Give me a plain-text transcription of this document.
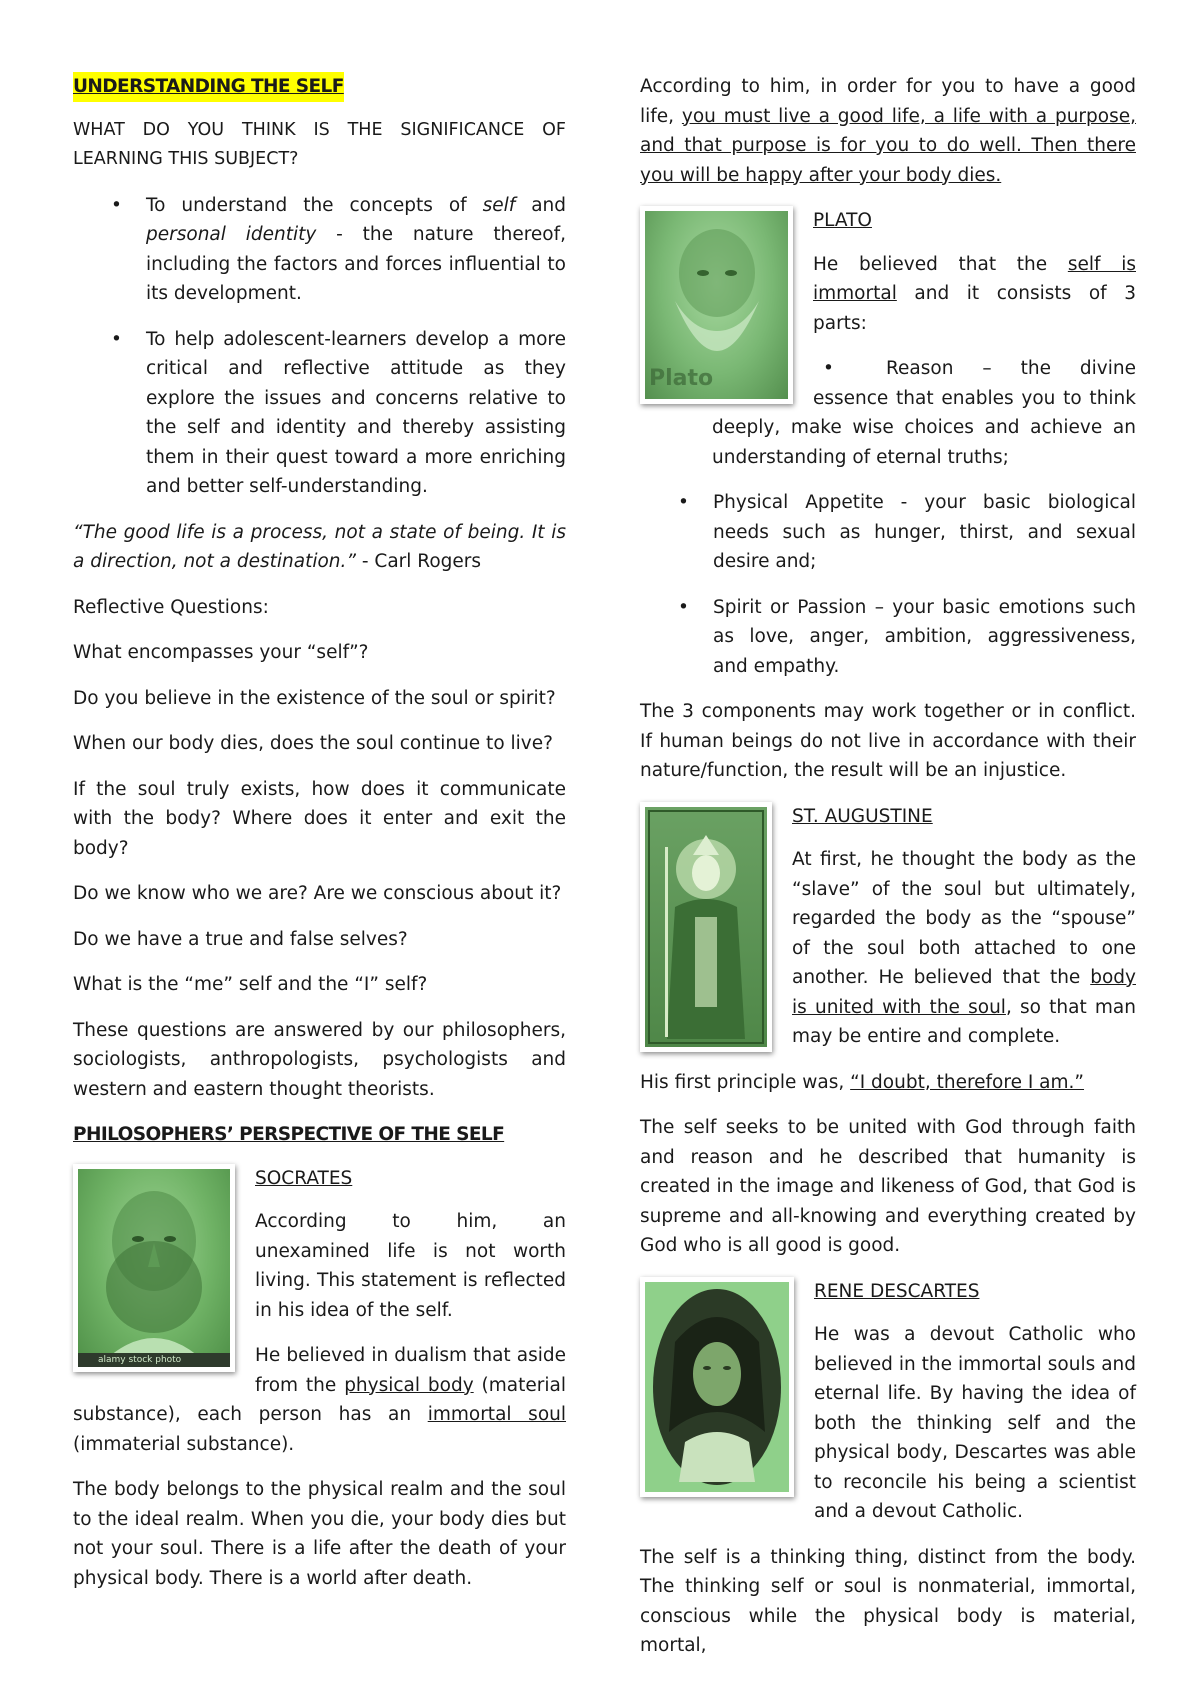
UNDERSTANDING THE SELF

WHAT DO YOU THINK IS THE SIGNIFICANCE OF LEARNING THIS SUBJECT?

• To understand the concepts of self and personal identity - the nature thereof, including the factors and forces influential to its development.
• To help adolescent-learners develop a more critical and reflective attitude as they explore the issues and concerns relative to the self and identity and thereby assisting them in their quest toward a more enriching and better self-understanding.

“The good life is a process, not a state of being. It is a direction, not a destination.” - Carl Rogers

Reflective Questions:

What encompasses your “self”?

Do you believe in the existence of the soul or spirit?

When our body dies, does the soul continue to live?

If the soul truly exists, how does it communicate with the body? Where does it enter and exit the body?

Do we know who we are? Are we conscious about it?

Do we have a true and false selves?

What is the “me” self and the “I” self?

These questions are answered by our philosophers, sociologists, anthropologists, psychologists and western and eastern thought theorists.

PHILOSOPHERS’ PERSPECTIVE OF THE SELF
alamy stock photo

SOCRATES

According to him, an unexamined life is not worth living. This statement is reflected in his idea of the self.

He believed in dualism that aside from the physical body (material substance), each person has an immortal soul (immaterial substance).

The body belongs to the physical realm and the soul to the ideal realm. When you die, your body dies but not your soul. There is a life after the death of your physical body. There is a world after death.

According to him, in order for you to have a good life, you must live a good life, a life with a purpose, and that purpose is for you to do well. Then there you will be happy after your body dies.

Plato

PLATO

He believed that the self is immortal and it consists of 3 parts:

• Reason – the divine essence that enables you to think deeply, make wise choices and achieve an understanding of eternal truths;
• Physical Appetite - your basic biological needs such as hunger, thirst, and sexual desire and;
• Spirit or Passion – your basic emotions such as love, anger, ambition, aggressiveness, and empathy.

The 3 components may work together or in conflict. If human beings do not live in accordance with their nature/function, the result will be an injustice.

ST. AUGUSTINE

At first, he thought the body as the “slave” of the soul but ultimately, regarded the body as the “spouse” of the soul both attached to one another. He believed that the body is united with the soul, so that man may be entire and complete.

His first principle was, “I doubt, therefore I am.”

The self seeks to be united with God through faith and reason and he described that humanity is created in the image and likeness of God, that God is supreme and all-knowing and everything created by God who is all good is good.

RENE DESCARTES

He was a devout Catholic who believed in the immortal souls and eternal life. By having the idea of both the thinking self and the physical body, Descartes was able to reconcile his being a scientist and a devout Catholic.

The self is a thinking thing, distinct from the body. The thinking self or soul is nonmaterial, immortal, conscious while the physical body is material, mortal,
